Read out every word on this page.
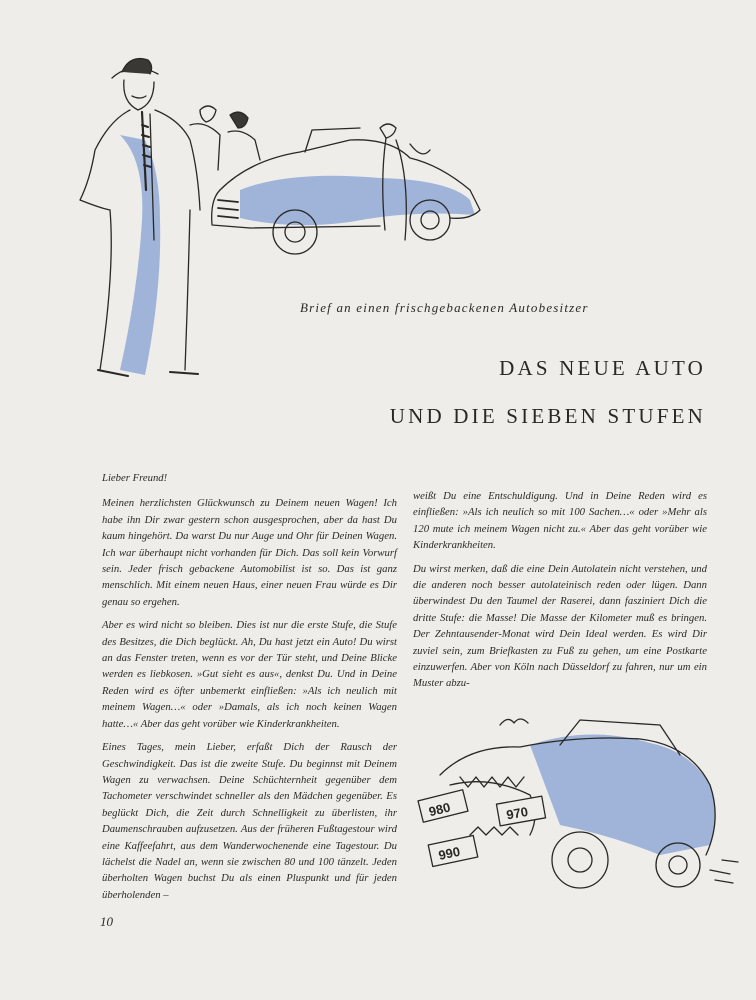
Brief an einen frischgebackenen Autobesitzer
DAS NEUE AUTO
UND DIE SIEBEN STUFEN

Lieber Freund!

Meinen herzlichsten Glückwunsch zu Deinem neuen Wagen! Ich habe ihn Dir zwar gestern schon ausgesprochen, aber da hast Du kaum hingehört. Da warst Du nur Auge und Ohr für Deinen Wagen. Ich war überhaupt nicht vorhanden für Dich. Das soll kein Vorwurf sein. Jeder frisch gebackene Automobilist ist so. Das ist ganz menschlich. Mit einem neuen Haus, einer neuen Frau würde es Dir genau so ergehen.

Aber es wird nicht so bleiben. Dies ist nur die erste Stufe, die Stufe des Besitzes, die Dich beglückt. Ah, Du hast jetzt ein Auto! Du wirst an das Fenster treten, wenn es vor der Tür steht, und Deine Blicke werden es liebkosen. »Gut sieht es aus«, denkst Du. Und in Deine Reden wird es öfter unbemerkt einfließen: »Als ich neulich mit meinem Wagen…« oder »Damals, als ich noch keinen Wagen hatte…« Aber das geht vorüber wie Kinderkrankheiten.

Eines Tages, mein Lieber, erfaßt Dich der Rausch der Geschwindigkeit. Das ist die zweite Stufe. Du beginnst mit Deinem Wagen zu verwachsen. Deine Schüchternheit gegenüber dem Tachometer verschwindet schneller als den Mädchen gegenüber. Es beglückt Dich, die Zeit durch Schnelligkeit zu überlisten, ihr Daumenschrauben aufzusetzen. Aus der früheren Fußtagestour wird eine Kaffeefahrt, aus dem Wanderwochenende eine Tagestour. Du lächelst die Nadel an, wenn sie zwischen 80 und 100 tänzelt. Jeden überholten Wagen buchst Du als einen Pluspunkt und für jeden überholenden –

weißt Du eine Entschuldigung. Und in Deine Reden wird es einfließen: »Als ich neulich so mit 100 Sachen…« oder »Mehr als 120 mute ich meinem Wagen nicht zu.« Aber das geht vorüber wie Kinderkrankheiten.

Du wirst merken, daß die eine Dein Autolatein nicht verstehen, und die anderen noch besser autolateinisch reden oder lügen. Dann überwindest Du den Taumel der Raserei, dann fasziniert Dich die dritte Stufe: die Masse! Die Masse der Kilometer muß es bringen. Der Zehntausender-Monat wird Dein Ideal werden. Es wird Dir zuviel sein, zum Briefkasten zu Fuß zu gehen, um eine Postkarte einzuwerfen. Aber von Köln nach Düsseldorf zu fahren, nur um ein Muster abzu-

980	970
990
10
